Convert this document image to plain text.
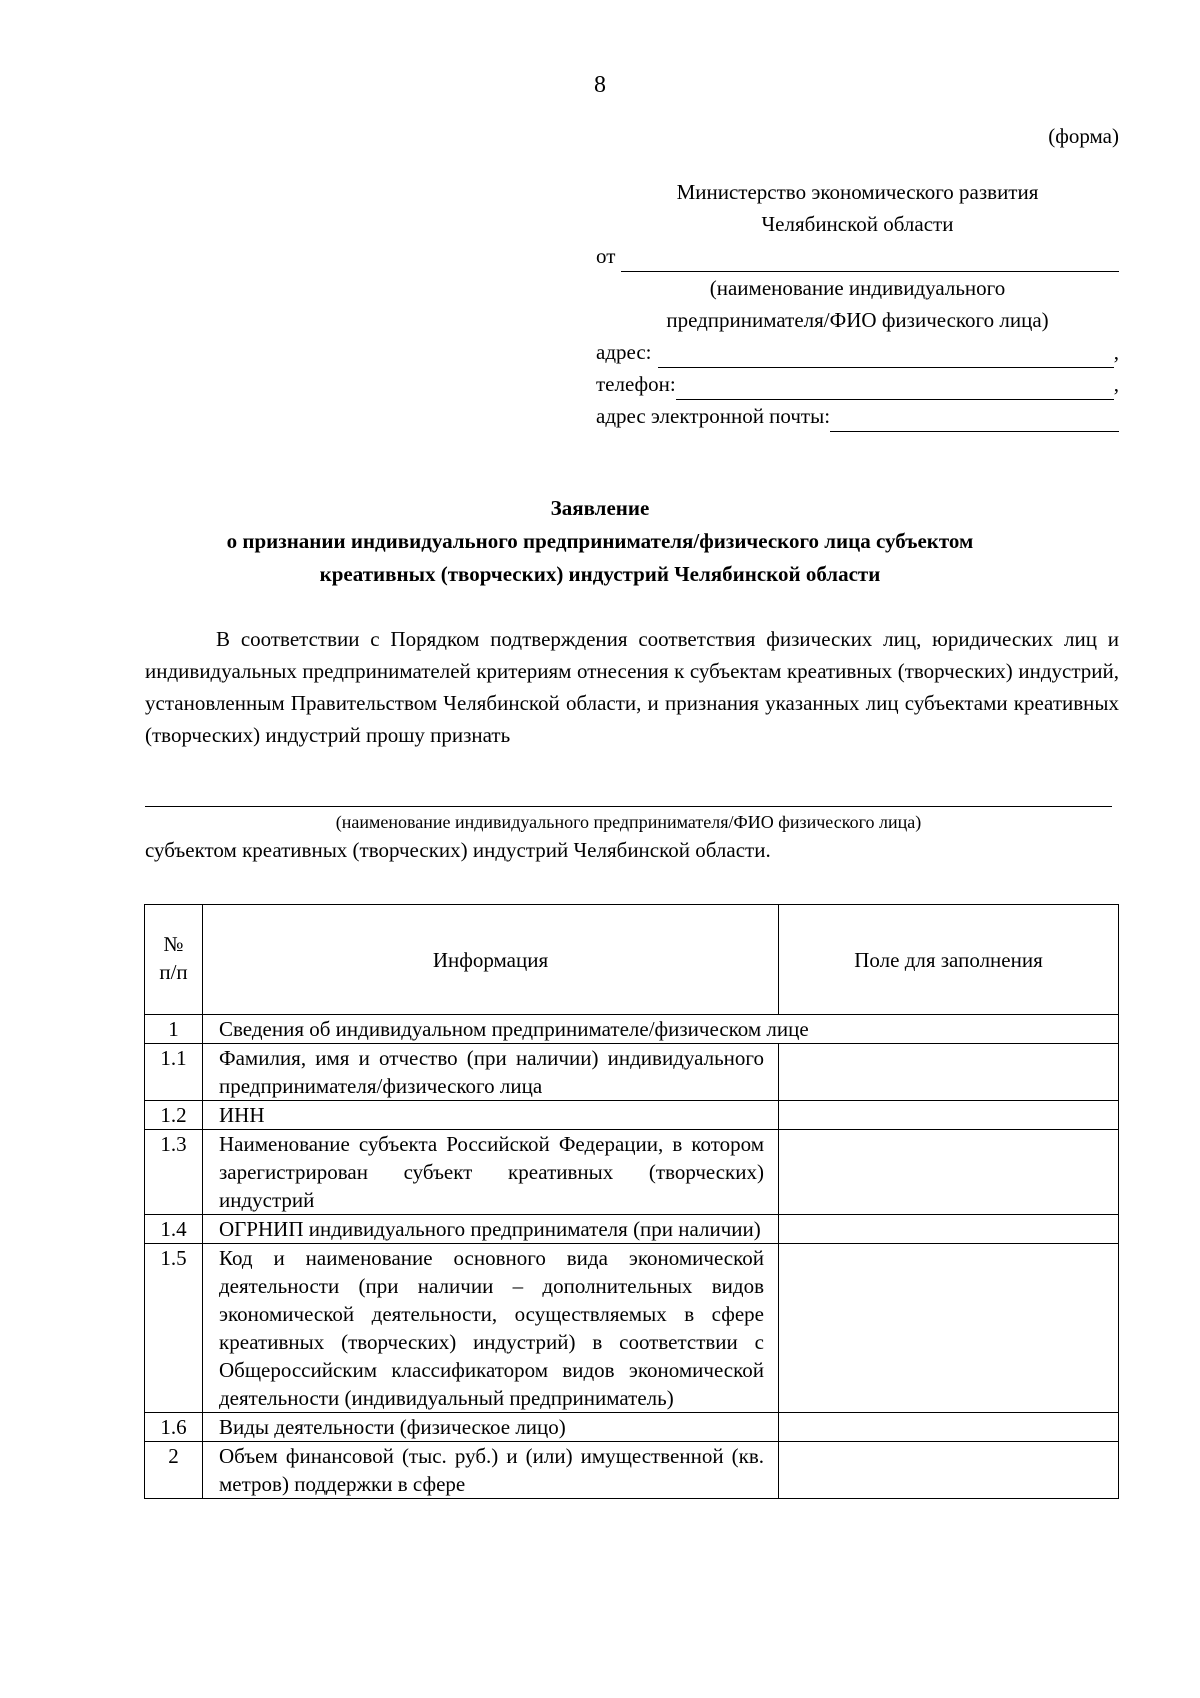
8
(форма)
Министерство экономического развития
Челябинской области
от
(наименование индивидуального
предпринимателя/ФИО физического лица)
адрес:	,
телефон:	,
адрес электронной почты:
Заявление
о признании индивидуального предпринимателя/физического лица субъектом
креативных (творческих) индустрий Челябинской области
В соответствии с Порядком подтверждения соответствия физических лиц, юридических лиц и индивидуальных предпринимателей критериям отнесения к субъектам креативных (творческих) индустрий, установленным Правительством Челябинской области, и признания указанных лиц субъектами креативных (творческих) индустрий прошу признать
(наименование индивидуального предпринимателя/ФИО физического лица)
субъектом креативных (творческих) индустрий Челябинской области.
№
п/п	Информация	Поле для заполнения
1	Сведения об индивидуальном предпринимателе/физическом лице	
1.1	Фамилия, имя и отчество (при наличии) индивидуального предпринимателя/физического лица	

1.2	ИНН	

1.3	Наименование субъекта Российской Федерации, в котором зарегистрирован субъект креативных (творческих) индустрий	

1.4	ОГРНИП индивидуального предпринимателя (при наличии)	

1.5	Код и наименование основного вида экономической деятельности (при наличии – дополнительных видов экономической деятельности, осуществляемых в сфере креативных (творческих) индустрий) в соответствии с Общероссийским классификатором видов экономической деятельности (индивидуальный предприниматель)	

1.6	Виды деятельности (физическое лицо)	

2	Объем финансовой (тыс. руб.) и (или) имущественной (кв. метров) поддержки в сфере	
